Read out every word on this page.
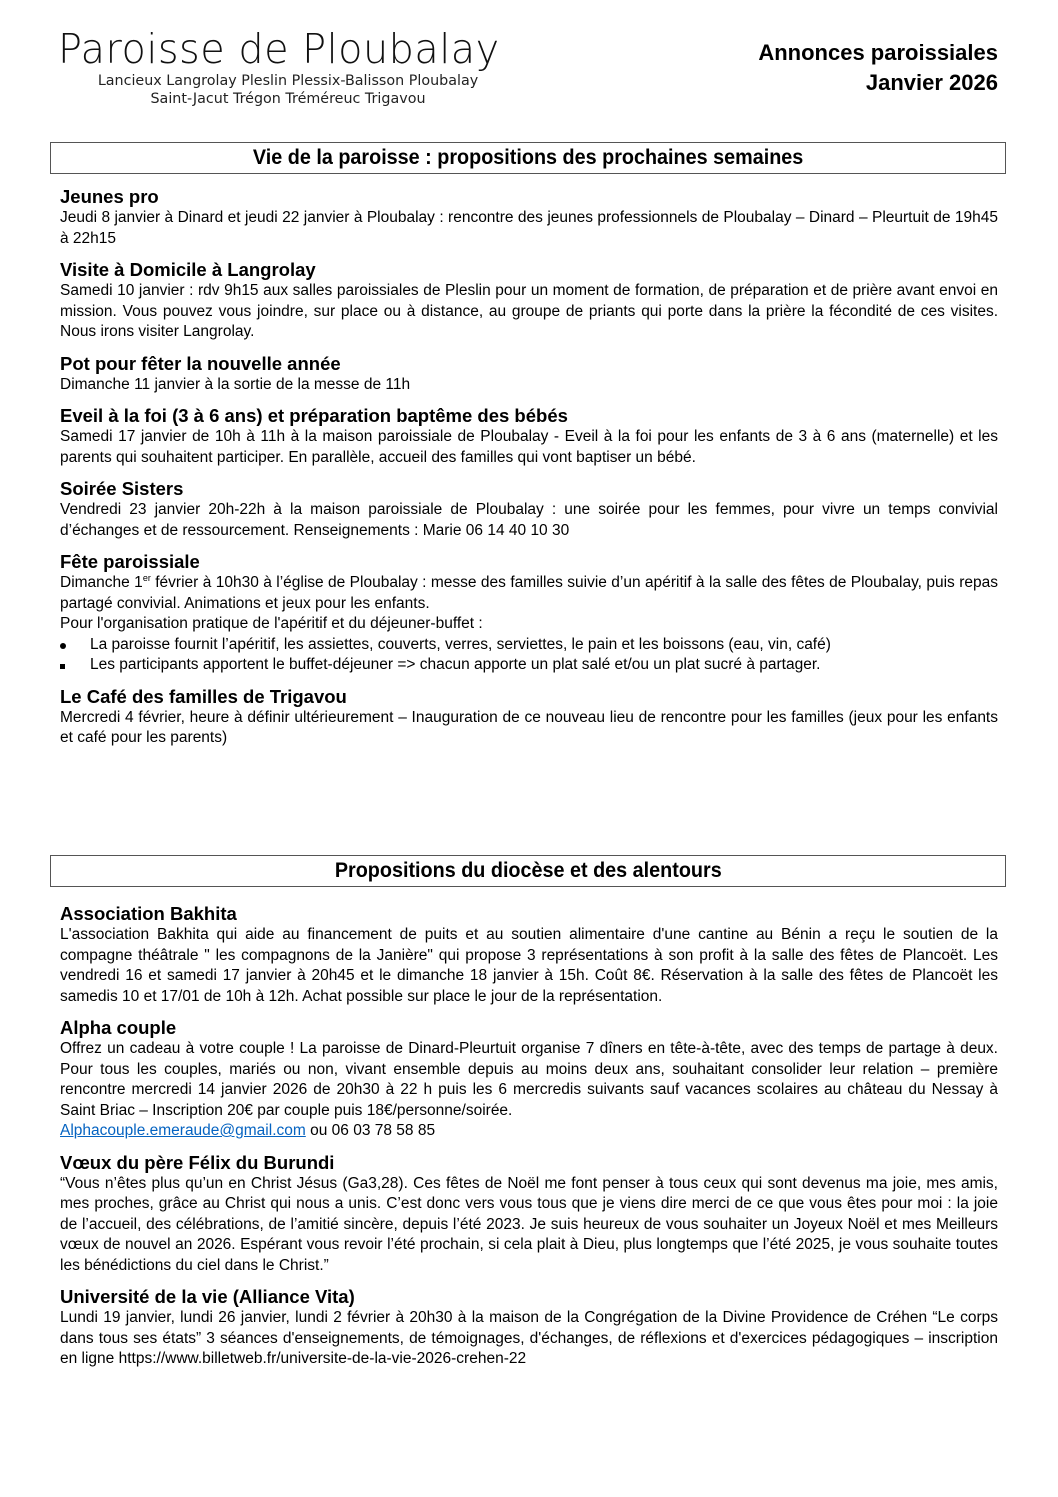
Paroisse de Ploubalay
Lancieux Langrolay Pleslin Plessix-Balisson Ploubalay
Saint-Jacut Trégon Tréméreuc Trigavou
Annonces paroissiales
Janvier 2026
Vie de la paroisse : propositions des prochaines semaines

Jeunes pro

Jeudi 8 janvier à Dinard et jeudi 22 janvier à Ploubalay : rencontre des jeunes professionnels de Ploubalay – Dinard – Pleurtuit de 19h45 à 22h15

Visite à Domicile à Langrolay

Samedi 10 janvier : rdv 9h15 aux salles paroissiales de Pleslin pour un moment de formation, de préparation et de prière avant envoi en mission. Vous pouvez vous joindre, sur place ou à distance, au groupe de priants qui porte dans la prière la fécondité de ces visites. Nous irons visiter Langrolay.

Pot pour fêter la nouvelle année

Dimanche 11 janvier à la sortie de la messe de 11h

Eveil à la foi (3 à 6 ans) et préparation baptême des bébés

Samedi 17 janvier de 10h à 11h à la maison paroissiale de Ploubalay - Eveil à la foi pour les enfants de 3 à 6 ans (maternelle) et les parents qui souhaitent participer. En parallèle, accueil des familles qui vont baptiser un bébé.

Soirée Sisters

Vendredi 23 janvier 20h-22h à la maison paroissiale de Ploubalay : une soirée pour les femmes, pour vivre un temps convivial d’échanges et de ressourcement. Renseignements : Marie 06 14 40 10 30

Fête paroissiale

Dimanche 1er février à 10h30 à l’église de Ploubalay : messe des familles suivie d’un apéritif à la salle des fêtes de Ploubalay, puis repas partagé convivial. Animations et jeux pour les enfants.

Pour l'organisation pratique de l'apéritif et du déjeuner-buffet :

La paroisse fournit l’apéritif, les assiettes, couverts, verres, serviettes, le pain et les boissons (eau, vin, café)
Les participants apportent le buffet-déjeuner => chacun apporte un plat salé et/ou un plat sucré à partager.

Le Café des familles de Trigavou

Mercredi 4 février, heure à définir ultérieurement – Inauguration de ce nouveau lieu de rencontre pour les familles (jeux pour les enfants et café pour les parents)

Propositions du diocèse et des alentours

Association Bakhita

L'association Bakhita qui aide au financement de puits et au soutien alimentaire d'une cantine au Bénin a reçu le soutien de la compagne théâtrale " les compagnons de la Janière" qui propose 3 représentations à son profit à la salle des fêtes de Plancoët. Les vendredi 16 et samedi 17 janvier à 20h45 et le dimanche 18 janvier à 15h. Coût 8€. Réservation à la salle des fêtes de Plancoët les samedis 10 et 17/01 de 10h à 12h. Achat possible sur place le jour de la représentation.

Alpha couple

Offrez un cadeau à votre couple ! La paroisse de Dinard-Pleurtuit organise 7 dîners en tête-à-tête, avec des temps de partage à deux. Pour tous les couples, mariés ou non, vivant ensemble depuis au moins deux ans, souhaitant consolider leur relation – première rencontre mercredi 14 janvier 2026 de 20h30 à 22 h puis les 6 mercredis suivants sauf vacances scolaires au château du Nessay à Saint Briac – Inscription 20€ par couple puis 18€/personne/soirée.

Alphacouple.emeraude@gmail.com ou 06 03 78 58 85

Vœux du père Félix du Burundi

“Vous n’êtes plus qu’un en Christ Jésus (Ga3,28). Ces fêtes de Noël me font penser à tous ceux qui sont devenus ma joie, mes amis, mes proches, grâce au Christ qui nous a unis. C’est donc vers vous tous que je viens dire merci de ce que vous êtes pour moi : la joie de l’accueil, des célébrations, de l’amitié sincère, depuis l’été 2023. Je suis heureux de vous souhaiter un Joyeux Noël et mes Meilleurs vœux de nouvel an 2026. Espérant vous revoir l’été prochain, si cela plait à Dieu, plus longtemps que l’été 2025, je vous souhaite toutes les bénédictions du ciel dans le Christ.”

Université de la vie (Alliance Vita)

Lundi 19 janvier, lundi 26 janvier, lundi 2 février à 20h30 à la maison de la Congrégation de la Divine Providence de Créhen “Le corps dans tous ses états” 3 séances d'enseignements, de témoignages, d'échanges, de réflexions et d'exercices pédagogiques – inscription en ligne https://www.billetweb.fr/universite-de-la-vie-2026-crehen-22
